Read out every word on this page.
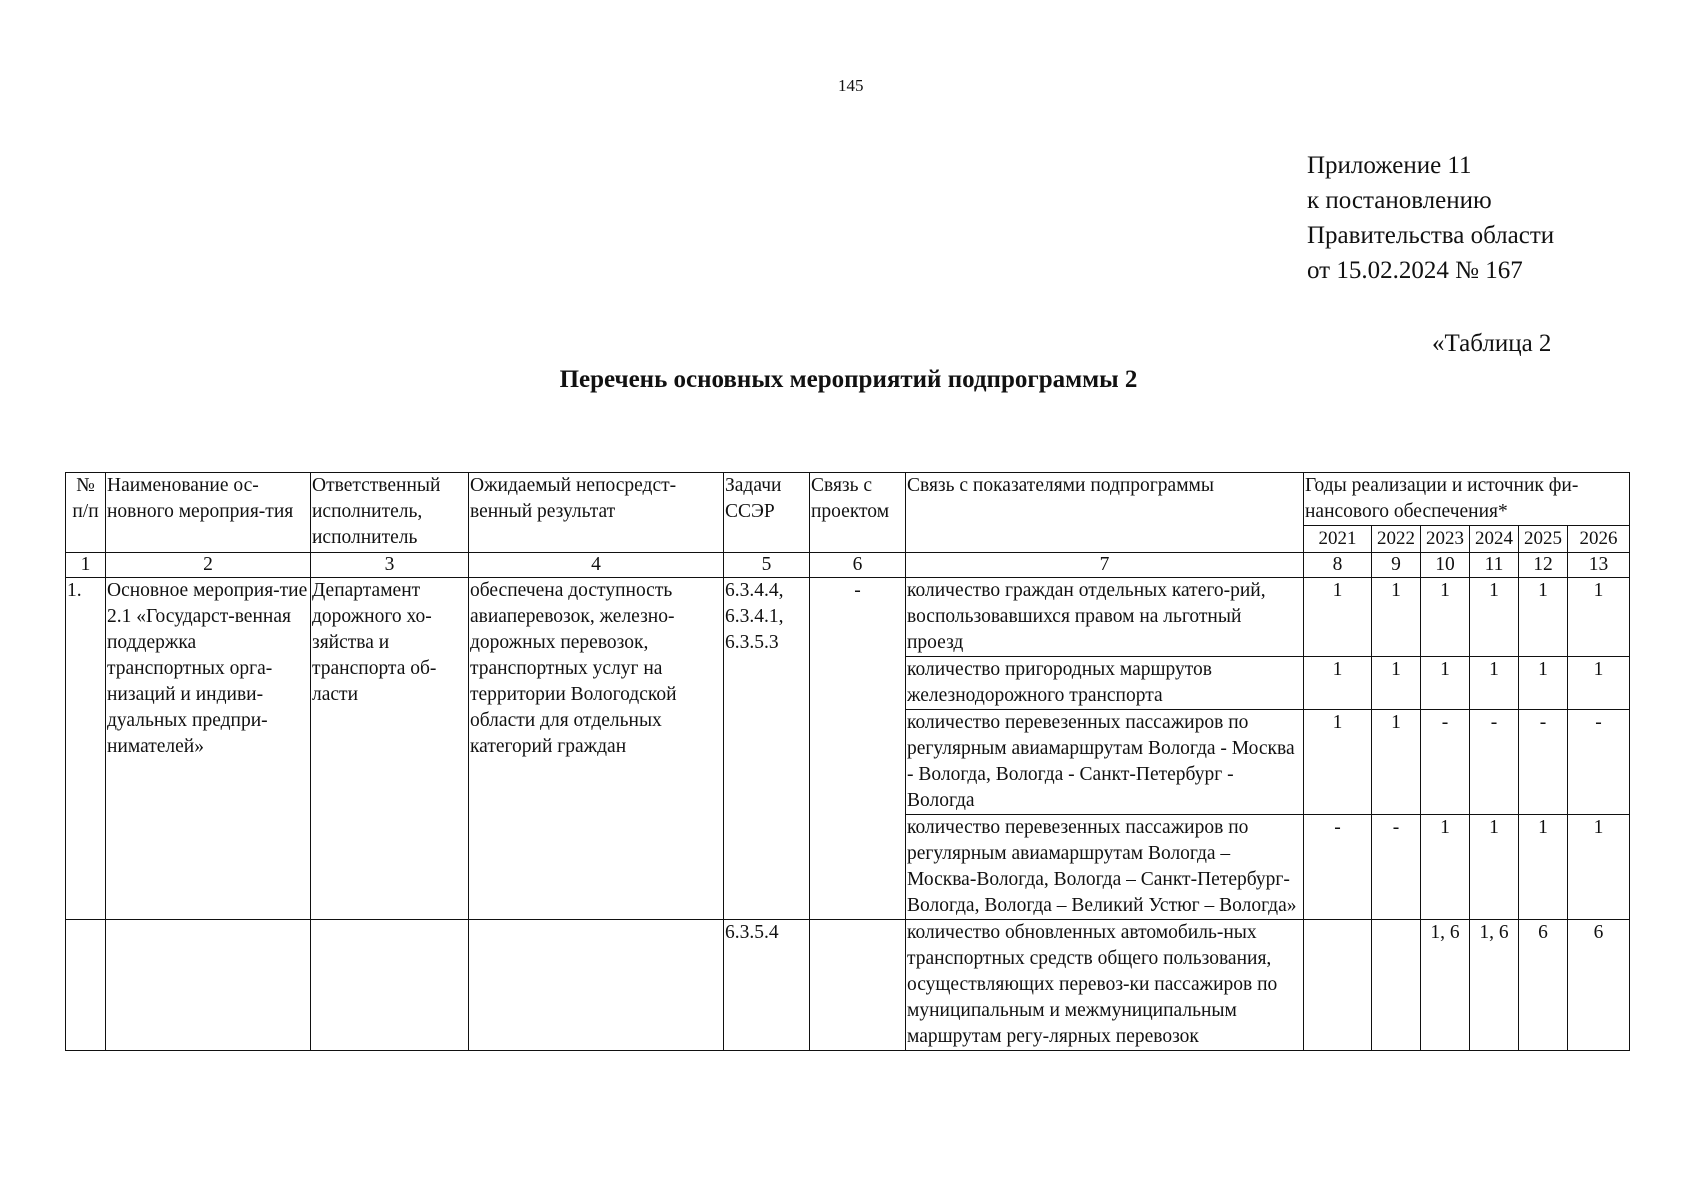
145
Приложение 11
к постановлению
Правительства области
от 15.02.2024 № 167
«Таблица 2
Перечень основных мероприятий подпрограммы 2
№ п/п	Наименование ос-новного мероприя-тия	Ответственный исполнитель, исполнитель	Ожидаемый непосредст-венный результат	Задачи ССЭР	Связь с проектом	Связь с показателями подпрограммы	Годы реализации и источник фи-нансового обеспечения*					
							2021	2022	2023	2024	2025	2026
1	2	3	4	5	6	7	8	9	10	11	12	13
1.	Основное мероприя-тие 2.1 «Государст-венная поддержка транспортных орга-низаций и индиви-дуальных предпри-нимателей»	Департамент дорожного хо-зяйства и транспорта об-ласти	обеспечена доступность авиаперевозок, железно-дорожных перевозок, транспортных услуг на территории Вологодской области для отдельных категорий граждан	6.3.4.4, 6.3.4.1, 6.3.5.3	-	количество граждан отдельных катего-рий, воспользовавшихся правом на льготный проезд	1	1	1	1	1	1
						количество пригородных маршрутов железнодорожного транспорта	1	1	1	1	1	1
						количество перевезенных пассажиров по регулярным авиамаршрутам Вологда - Москва - Вологда, Вологда - Санкт-Петербург - Вологда	1	1	-	-	-	-
						количество перевезенных пассажиров по регулярным авиамаршрутам Вологда – Москва-Вологда, Вологда – Санкт-Петербург-Вологда, Вологда – Великий Устюг – Вологда»	-	-	1	1	1	1
				6.3.5.4		количество обновленных автомобиль-ных транспортных средств общего пользования, осуществляющих перевоз-ки пассажиров по муниципальным и межмуниципальным маршрутам регу-лярных перевозок			1, 6	1, 6	6	6
